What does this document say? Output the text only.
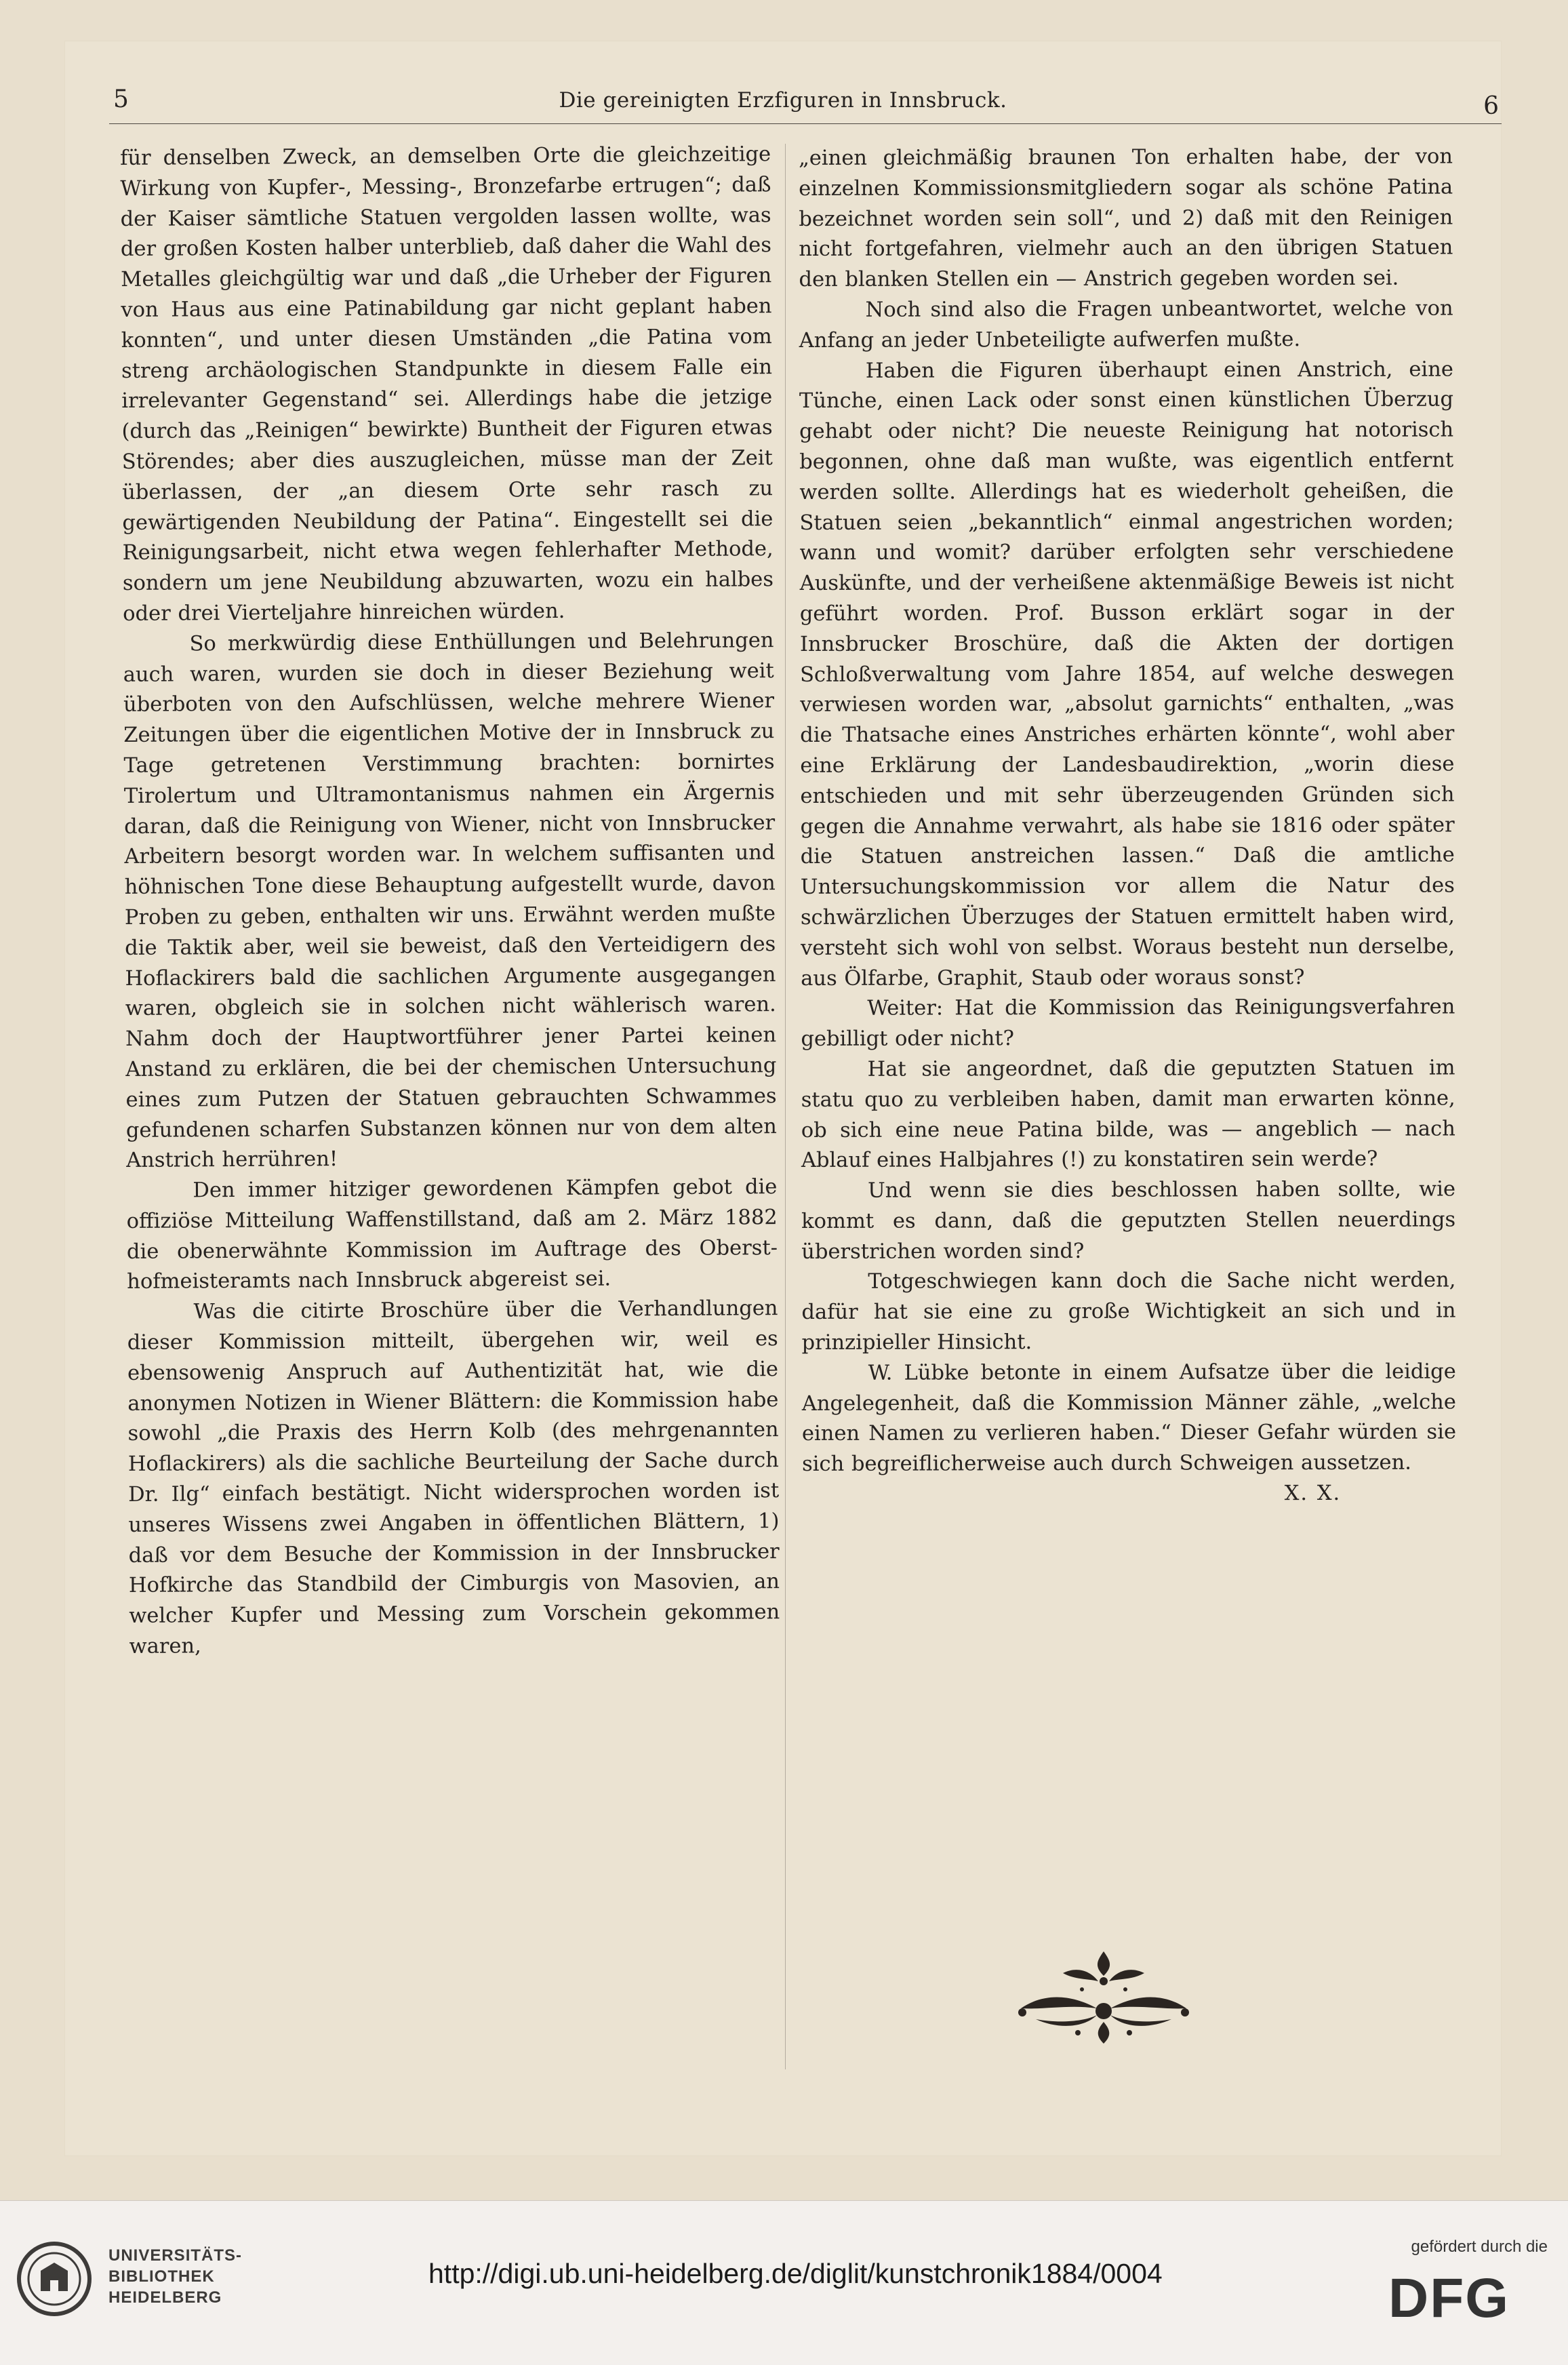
5	Die gereinigten Erzfiguren in Innsbruck.	6

für denselben Zweck, an demselben Orte die gleichzeitige Wirkung von Kupfer-, Messing-, Bronzefarbe ertrugen“; daß der Kaiser sämtliche Statuen vergolden lassen wollte, was der großen Kosten halber unterblieb, daß daher die Wahl des Metalles gleichgültig war und daß „die Urheber der Figuren von Haus aus eine Patinabildung gar nicht geplant haben konnten“, und unter diesen Umständen „die Patina vom streng archäologischen Standpunkte in diesem Falle ein irrelevanter Gegenstand“ sei. Allerdings habe die jetzige (durch das „Reinigen“ bewirkte) Buntheit der Figuren etwas Störendes; aber dies auszugleichen, müsse man der Zeit überlassen, der „an diesem Orte sehr rasch zu gewärtigenden Neubildung der Patina“. Eingestellt sei die Reinigungsarbeit, nicht etwa wegen fehlerhafter Methode, sondern um jene Neubildung abzuwarten, wozu ein halbes oder drei Vierteljahre hinreichen würden.

So merkwürdig diese Enthüllungen und Belehrungen auch waren, wurden sie doch in dieser Beziehung weit überboten von den Aufschlüssen, welche mehrere Wiener Zeitungen über die eigentlichen Motive der in Innsbruck zu Tage getretenen Verstimmung brachten: bornirtes Tirolertum und Ultramontanismus nahmen ein Ärgernis daran, daß die Reinigung von Wiener, nicht von Innsbrucker Arbeitern besorgt worden war. In welchem suffisanten und höhnischen Tone diese Behauptung aufgestellt wurde, davon Proben zu geben, enthalten wir uns. Erwähnt werden mußte die Taktik aber, weil sie beweist, daß den Verteidigern des Hoflackirers bald die sachlichen Argumente ausgegangen waren, obgleich sie in solchen nicht wählerisch waren. Nahm doch der Hauptwortführer jener Partei keinen Anstand zu erklären, die bei der chemischen Untersuchung eines zum Putzen der Statuen gebrauchten Schwammes gefundenen scharfen Substanzen können nur von dem alten Anstrich herrühren!

Den immer hitziger gewordenen Kämpfen gebot die offiziöse Mitteilung Waffenstillstand, daß am 2. März 1882 die obenerwähnte Kommission im Auftrage des Obersthofmeisteramts nach Innsbruck abgereist sei.

Was die citirte Broschüre über die Verhandlungen dieser Kommission mitteilt, übergehen wir, weil es ebensowenig Anspruch auf Authentizität hat, wie die anonymen Notizen in Wiener Blättern: die Kommission habe sowohl „die Praxis des Herrn Kolb (des mehrgenannten Hoflackirers) als die sachliche Beurteilung der Sache durch Dr. Ilg“ einfach bestätigt. Nicht widersprochen worden ist unseres Wissens zwei Angaben in öffentlichen Blättern, 1) daß vor dem Besuche der Kommission in der Innsbrucker Hofkirche das Standbild der Cimburgis von Masovien, an welcher Kupfer und Messing zum Vorschein gekommen waren,

„einen gleichmäßig braunen Ton erhalten habe, der von einzelnen Kommissionsmitgliedern sogar als schöne Patina bezeichnet worden sein soll“, und 2) daß mit den Reinigen nicht fortgefahren, vielmehr auch an den übrigen Statuen den blanken Stellen ein — Anstrich gegeben worden sei.

Noch sind also die Fragen unbeantwortet, welche von Anfang an jeder Unbeteiligte aufwerfen mußte.

Haben die Figuren überhaupt einen Anstrich, eine Tünche, einen Lack oder sonst einen künstlichen Überzug gehabt oder nicht? Die neueste Reinigung hat notorisch begonnen, ohne daß man wußte, was eigentlich entfernt werden sollte. Allerdings hat es wiederholt geheißen, die Statuen seien „bekanntlich“ einmal angestrichen worden; wann und womit? darüber erfolgten sehr verschiedene Auskünfte, und der verheißene aktenmäßige Beweis ist nicht geführt worden. Prof. Busson erklärt sogar in der Innsbrucker Broschüre, daß die Akten der dortigen Schloßverwaltung vom Jahre 1854, auf welche deswegen verwiesen worden war, „absolut garnichts“ enthalten, „was die Thatsache eines Anstriches erhärten könnte“, wohl aber eine Erklärung der Landesbaudirektion, „worin diese entschieden und mit sehr überzeugenden Gründen sich gegen die Annahme verwahrt, als habe sie 1816 oder später die Statuen anstreichen lassen.“ Daß die amtliche Untersuchungskommission vor allem die Natur des schwärzlichen Überzuges der Statuen ermittelt haben wird, versteht sich wohl von selbst. Woraus besteht nun derselbe, aus Ölfarbe, Graphit, Staub oder woraus sonst?

Weiter: Hat die Kommission das Reinigungsverfahren gebilligt oder nicht?

Hat sie angeordnet, daß die geputzten Statuen im statu quo zu verbleiben haben, damit man erwarten könne, ob sich eine neue Patina bilde, was — angeblich — nach Ablauf eines Halbjahres (!) zu konstatiren sein werde?

Und wenn sie dies beschlossen haben sollte, wie kommt es dann, daß die geputzten Stellen neuerdings überstrichen worden sind?

Totgeschwiegen kann doch die Sache nicht werden, dafür hat sie eine zu große Wichtigkeit an sich und in prinzipieller Hinsicht.

W. Lübke betonte in einem Aufsatze über die leidige Angelegenheit, daß die Kommission Männer zähle, „welche einen Namen zu verlieren haben.“ Dieser Gefahr würden sie sich begreiflicherweise auch durch Schweigen aussetzen.

X. X.

UNIVERSITÄTS-
BIBLIOTHEK
HEIDELBERG
http://digi.ub.uni-heidelberg.de/diglit/kunstchronik1884/0004
gefördert durch die
DFG
